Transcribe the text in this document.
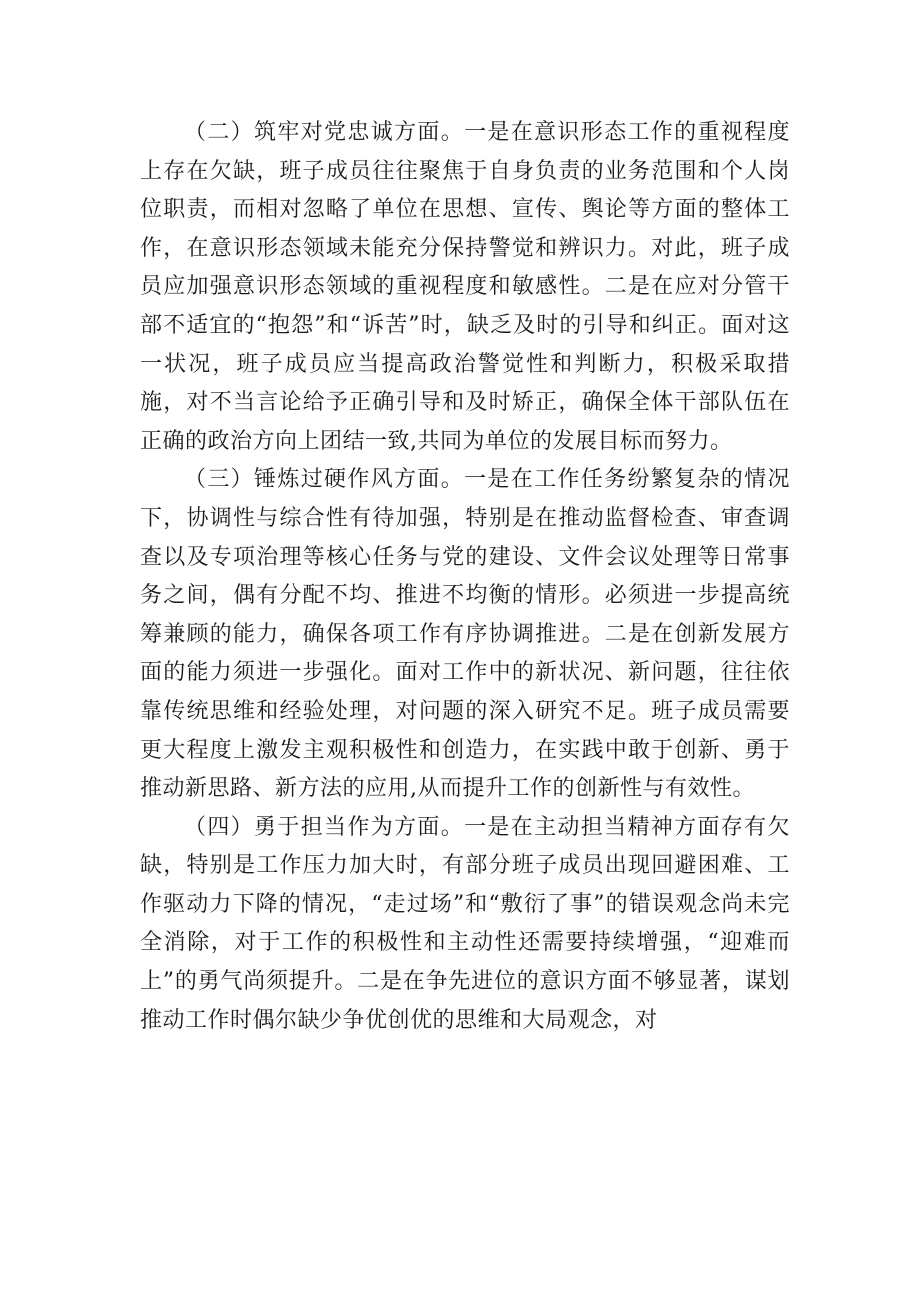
（二）筑牢对党忠诚方面。一是在意识形态工作的重视程度上存在欠缺，班子成员往往聚焦于自身负责的业务范围和个人岗位职责，而相对忽略了单位在思想、宣传、舆论等方面的整体工作，在意识形态领域未能充分保持警觉和辨识力。对此，班子成员应加强意识形态领域的重视程度和敏感性。二是在应对分管干部不适宜的“抱怨”和“诉苦”时，缺乏及时的引导和纠正。面对这一状况，班子成员应当提高政治警觉性和判断力，积极采取措施，对不当言论给予正确引导和及时矫正，确保全体干部队伍在正确的政治方向上团结一致,共同为单位的发展目标而努力。

（三）锤炼过硬作风方面。一是在工作任务纷繁复杂的情况下，协调性与综合性有待加强，特别是在推动监督检查、审查调查以及专项治理等核心任务与党的建设、文件会议处理等日常事务之间，偶有分配不均、推进不均衡的情形。必须进一步提高统筹兼顾的能力，确保各项工作有序协调推进。二是在创新发展方面的能力须进一步强化。面对工作中的新状况、新问题，往往依靠传统思维和经验处理，对问题的深入研究不足。班子成员需要更大程度上激发主观积极性和创造力，在实践中敢于创新、勇于推动新思路、新方法的应用,从而提升工作的创新性与有效性。

（四）勇于担当作为方面。一是在主动担当精神方面存有欠缺，特别是工作压力加大时，有部分班子成员出现回避困难、工作驱动力下降的情况，“走过场”和“敷衍了事”的错误观念尚未完全消除，对于工作的积极性和主动性还需要持续增强，“迎难而上”的勇气尚须提升。二是在争先进位的意识方面不够显著，谋划推动工作时偶尔缺少争优创优的思维和大局观念，对
